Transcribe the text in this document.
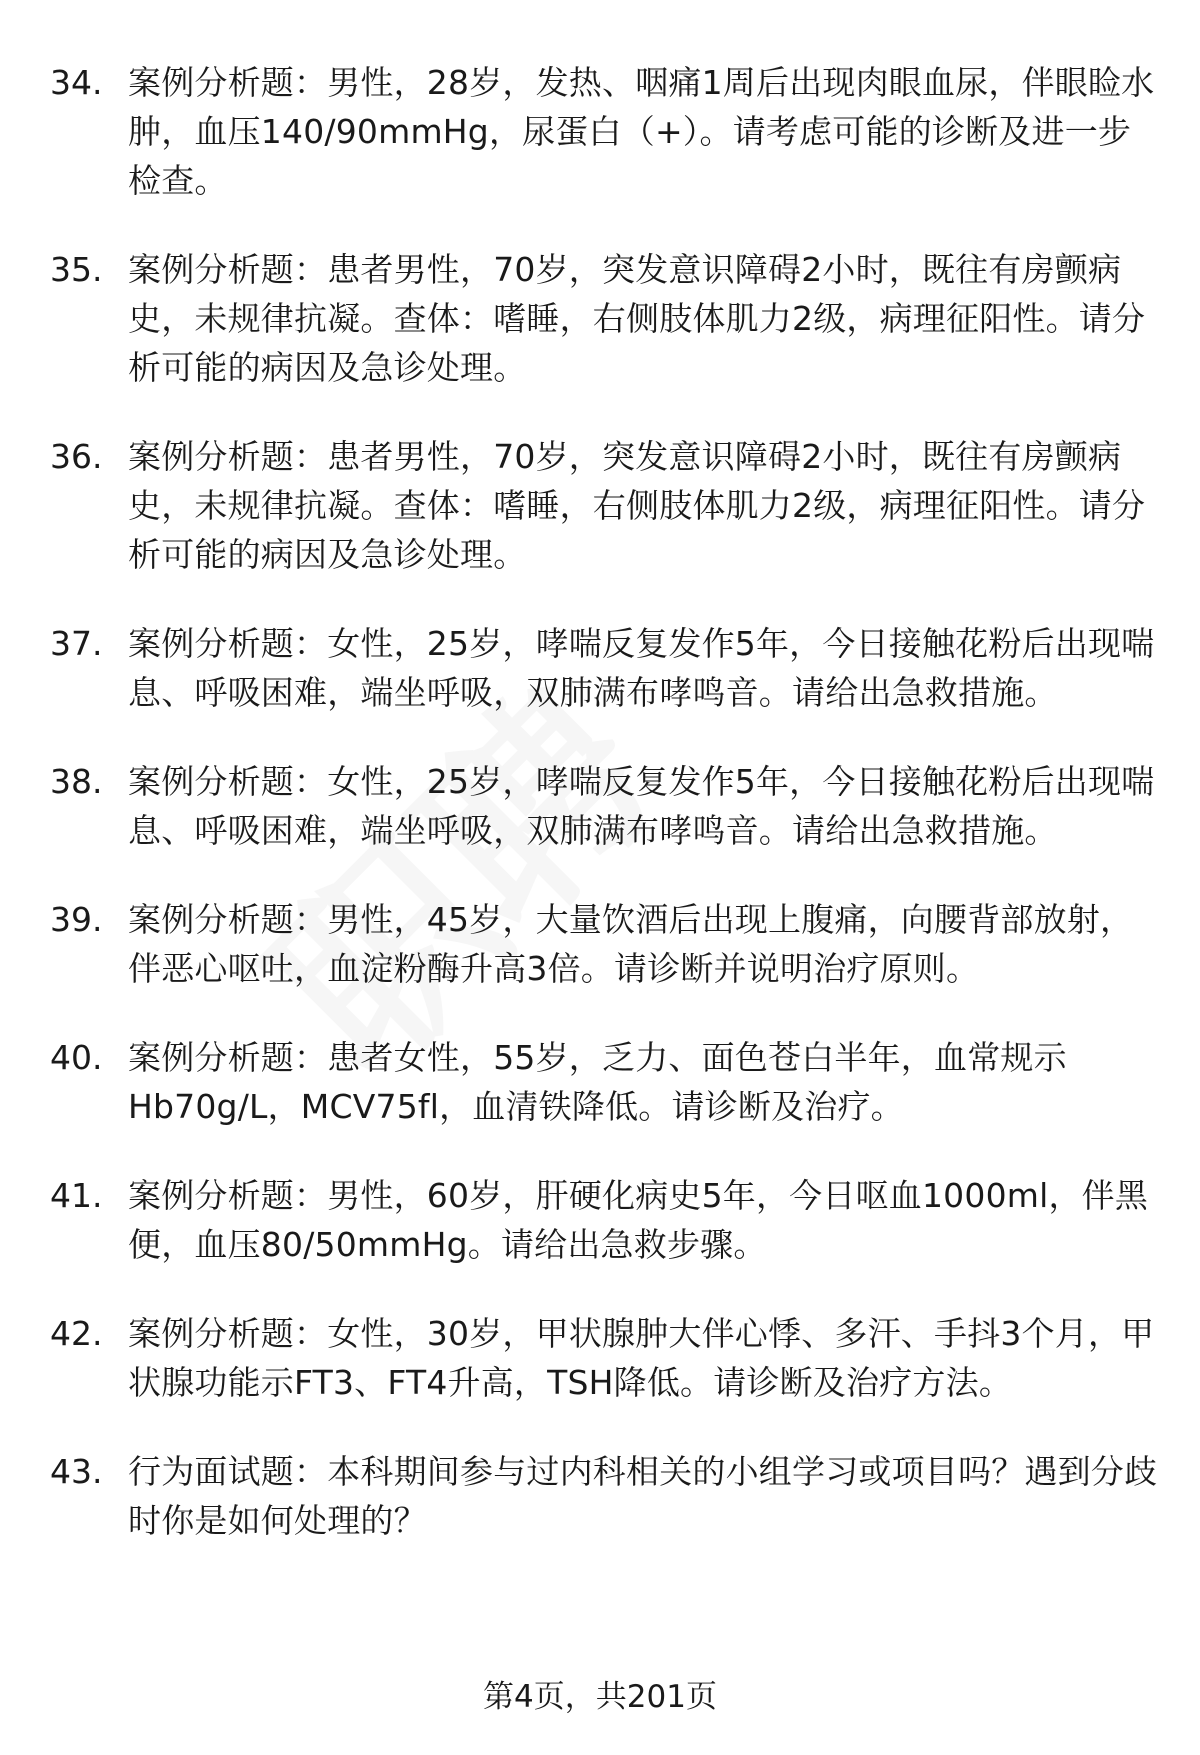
34. 案例分析题：男性，28岁，发热、咽痛1周后出现肉眼血尿，伴眼睑水肿，血压140/90mmHg，尿蛋白（+）。请考虑可能的诊断及进一步检查。
35. 案例分析题：患者男性，70岁，突发意识障碍2小时，既往有房颤病史，未规律抗凝。查体：嗜睡，右侧肢体肌力2级，病理征阳性。请分析可能的病因及急诊处理。
36. 案例分析题：患者男性，70岁，突发意识障碍2小时，既往有房颤病史，未规律抗凝。查体：嗜睡，右侧肢体肌力2级，病理征阳性。请分析可能的病因及急诊处理。
37. 案例分析题：女性，25岁，哮喘反复发作5年，今日接触花粉后出现喘息、呼吸困难，端坐呼吸，双肺满布哮鸣音。请给出急救措施。
38. 案例分析题：女性，25岁，哮喘反复发作5年，今日接触花粉后出现喘息、呼吸困难，端坐呼吸，双肺满布哮鸣音。请给出急救措施。
39. 案例分析题：男性，45岁，大量饮酒后出现上腹痛，向腰背部放射，伴恶心呕吐，血淀粉酶升高3倍。请诊断并说明治疗原则。
40. 案例分析题：患者女性，55岁，乏力、面色苍白半年，血常规示Hb70g/L，MCV75fl，血清铁降低。请诊断及治疗。
41. 案例分析题：男性，60岁，肝硬化病史5年，今日呕血1000ml，伴黑便，血压80/50mmHg。请给出急救步骤。
42. 案例分析题：女性，30岁，甲状腺肿大伴心悸、多汗、手抖3个月，甲状腺功能示FT3、FT4升高，TSH降低。请诊断及治疗方法。
43. 行为面试题：本科期间参与过内科相关的小组学习或项目吗？遇到分歧时你是如何处理的？
第4页，共201页
